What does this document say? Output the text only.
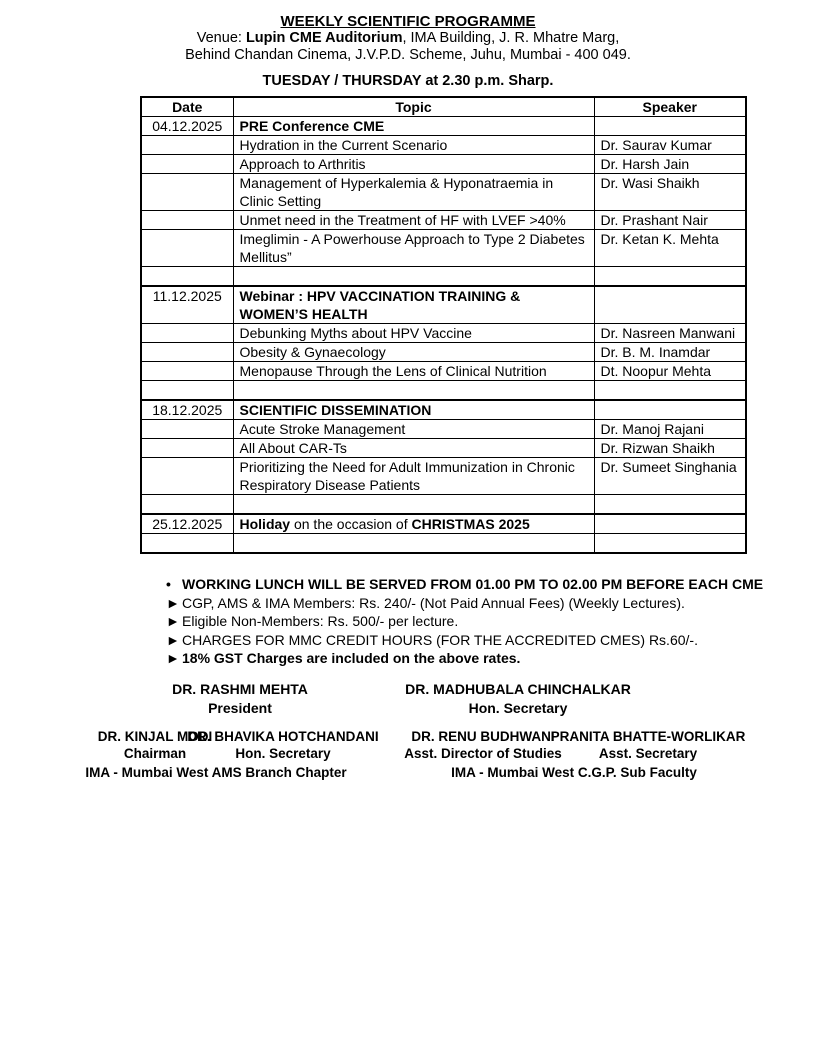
WEEKLY SCIENTIFIC PROGRAMME
Venue: Lupin CME Auditorium, IMA Building, J. R. Mhatre Marg,
Behind Chandan Cinema, J.V.P.D. Scheme, Juhu, Mumbai - 400 049.
TUESDAY / THURSDAY at 2.30 p.m. Sharp.
Date	Topic	Speaker
04.12.2025	PRE Conference CME	
	Hydration in the Current Scenario	Dr. Saurav Kumar
	Approach to Arthritis	Dr. Harsh Jain
	Management of Hyperkalemia & Hyponatraemia in Clinic Setting	Dr. Wasi Shaikh
	Unmet need in the Treatment of HF with LVEF >40%	Dr. Prashant Nair
	Imeglimin - A Powerhouse Approach to Type 2 Diabetes Mellitus”	Dr. Ketan K. Mehta

11.12.2025	Webinar : HPV VACCINATION TRAINING & WOMEN’S HEALTH	
	Debunking Myths about HPV Vaccine	Dr. Nasreen Manwani
	Obesity & Gynaecology	Dr. B. M. Inamdar
	Menopause Through the Lens of Clinical Nutrition	Dt. Noopur Mehta

18.12.2025	SCIENTIFIC DISSEMINATION	
	Acute Stroke Management	Dr. Manoj Rajani
	All About CAR-Ts	Dr. Rizwan Shaikh
	Prioritizing the Need for Adult Immunization in Chronic Respiratory Disease Patients	Dr. Sumeet Singhania

25.12.2025	Holiday on the occasion of CHRISTMAS 2025	

• WORKING LUNCH WILL BE SERVED FROM 01.00 PM TO 02.00 PM BEFORE EACH CME
► CGP, AMS & IMA Members: Rs. 240/- (Not Paid Annual Fees) (Weekly Lectures).
► Eligible Non-Members: Rs. 500/- per lecture.
► CHARGES FOR MMC CREDIT HOURS (FOR THE ACCREDITED CMES) Rs.60/-.
► 18% GST Charges are included on the above rates.
DR. RASHMI MEHTA
President
DR. MADHUBALA CHINCHALKAR
Hon. Secretary
DR. KINJAL MODI
Chairman
DR. BHAVIKA HOTCHANDANI
Hon. Secretary
DR. RENU BUDHWANI
Asst. Director of Studies
PRANITA BHATTE-WORLIKAR
Asst. Secretary
IMA - Mumbai West AMS Branch Chapter	IMA - Mumbai West C.G.P. Sub Faculty
